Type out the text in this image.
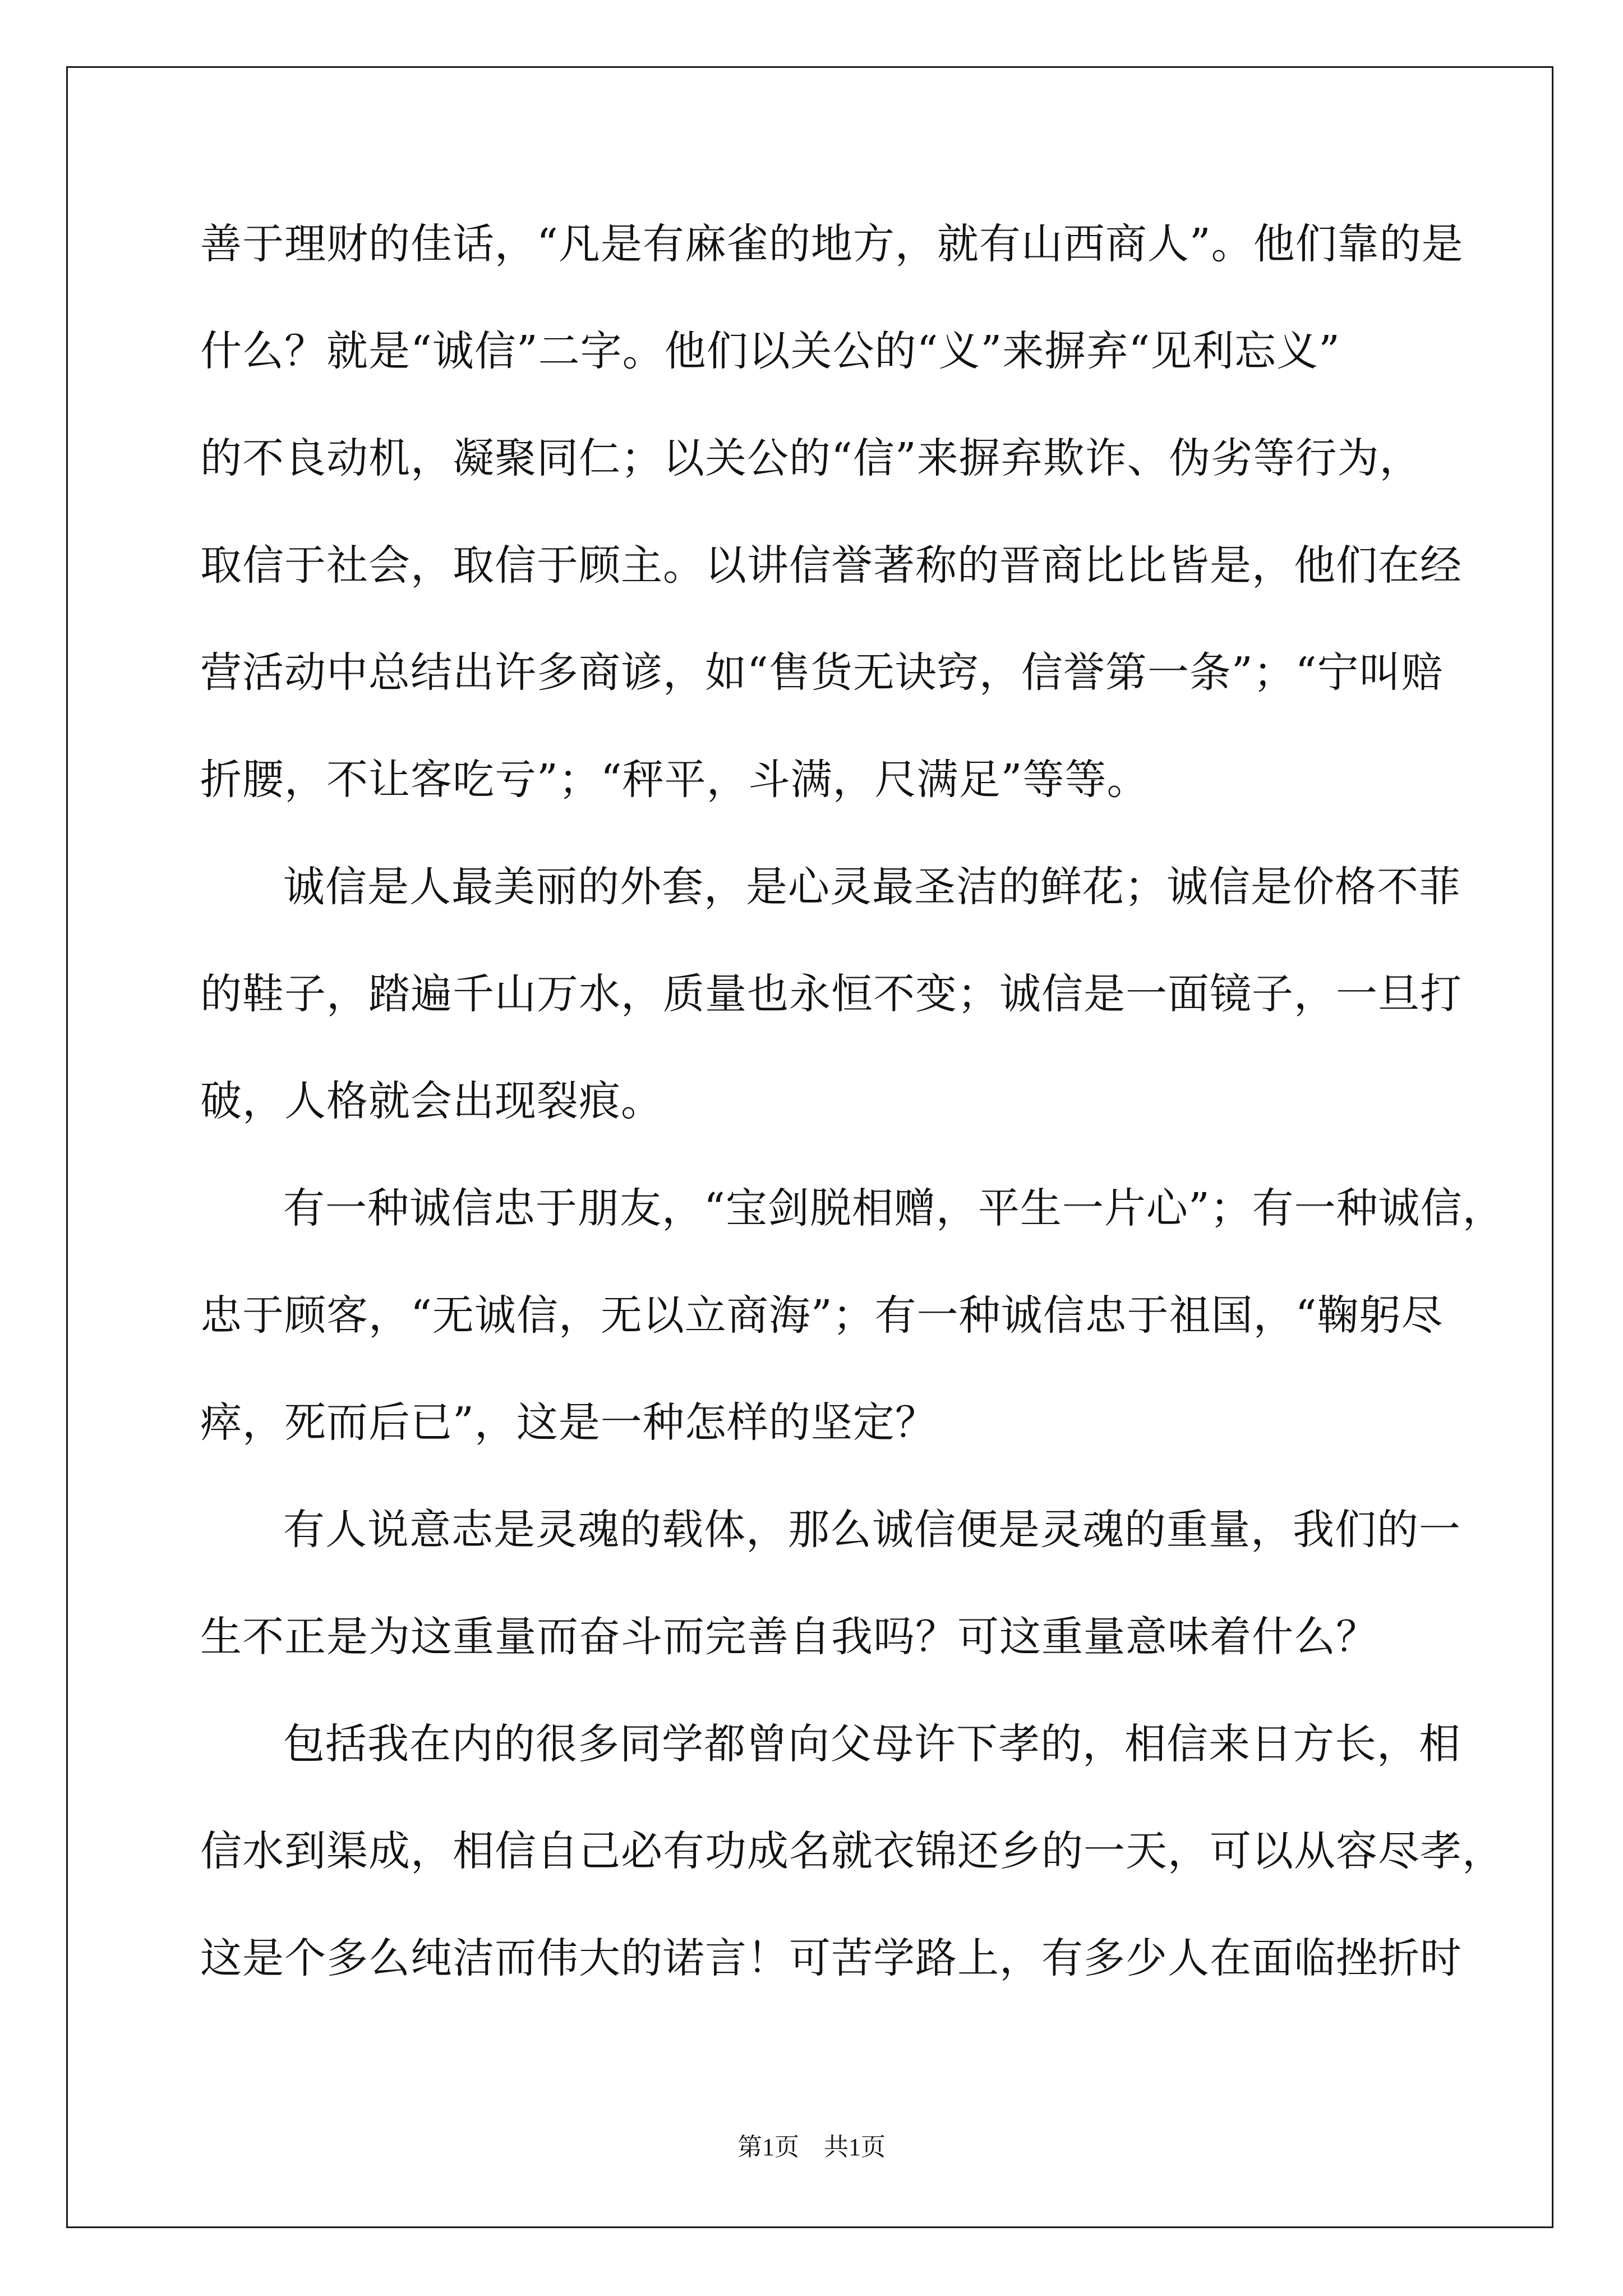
善于理财的佳话，“凡是有麻雀的地方，就有山西商人”。他们靠的是
什么？就是“诚信”二字。他们以关公的“义”来摒弃“见利忘义”
的不良动机，凝聚同仁；以关公的“信”来摒弃欺诈、伪劣等行为，
取信于社会，取信于顾主。以讲信誉著称的晋商比比皆是，他们在经
营活动中总结出许多商谚，如“售货无诀窍，信誉第一条”；“宁叫赔
折腰，不让客吃亏”；“秤平，斗满，尺满足”等等。
诚信是人最美丽的外套，是心灵最圣洁的鲜花；诚信是价格不菲
的鞋子，踏遍千山万水，质量也永恒不变；诚信是一面镜子，一旦打
破，人格就会出现裂痕。
有一种诚信忠于朋友，“宝剑脱相赠，平生一片心”；有一种诚信，
忠于顾客，“无诚信，无以立商海”；有一种诚信忠于祖国，“鞠躬尽
瘁，死而后已”，这是一种怎样的坚定？
有人说意志是灵魂的载体，那么诚信便是灵魂的重量，我们的一
生不正是为这重量而奋斗而完善自我吗？可这重量意味着什么？
包括我在内的很多同学都曾向父母许下孝的，相信来日方长，相
信水到渠成，相信自己必有功成名就衣锦还乡的一天，可以从容尽孝，
这是个多么纯洁而伟大的诺言！可苦学路上，有多少人在面临挫折时
第1页　共1页
